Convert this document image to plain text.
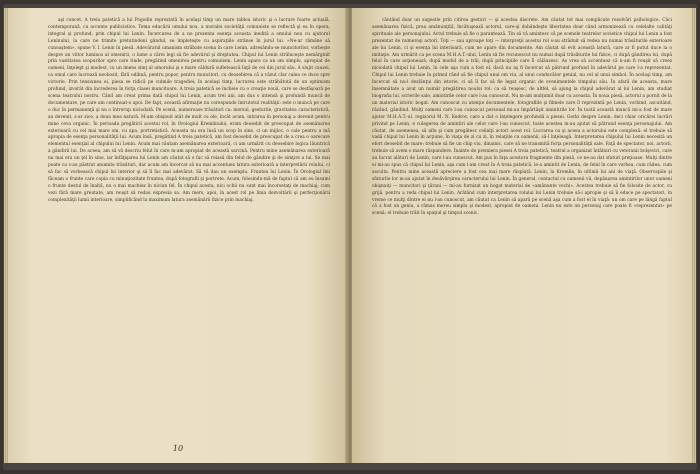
aşi concet. A treia pateticǎ a lui Pogodin reprezintǎ în acelaşi timp un mare tablou istoric şi o lucrare foarte actualǎ, contemporanǎ, cu accente publicistice. Tema educării omului nou, a moralei societăţii comuniste se reflectǎ şi ea în opera, integral şi profund, prin chipul lui Lenin. Încercarea de a ne prezenta esenţa aceasta inedită a omului nou cu ajutorul Leninului, la care ne trimite pretutindeni gândul, se împleteşte cu aspiraţiile strânse în jurul lui. «Ne-ar rămâne să cunoaştem», spune V. I. Lenin în piesă. Adevăratul umanism străbate scena în care Lenin, adresându-se muncitorilor, vorbeşte despre un viitor luminos al omenirii, o lume a cărei legi să fie adevărul şi dreptatea. Chipul lui Lenin străluceşte nemărginit prin vastitatea scopurilor spre care tinde, pregătind omenirea pentru comunism. Lenin apare ca un om simplu, apropiat de oameni, înţelept şi modest, cu un imens simţ al umorului şi o mare căldură sufletească faţă de cei din jurul său. A slujit cauzei, ca omul care lucrează neobosit, fără odihnă, pentru popor, pentru muncitori, cu deosebirea că a văzut clar calea ce duce spre victorie. Prin tensiunea ei, piesa se ridică pe culmile tragediei; în acelaşi timp, lucrarea este străbătută de un optimism profund, izvorât din încrederea în forţa clasei muncitoare. A treia pateticǎ se încheie cu o creaţie nouă, care se desfăşoară pe scena teatrului nostru. Când am creat prima dată chipul lui Lenin, acum trei ani, am dus o intensă şi profundă muncă de documentare, pe care am continuat-o apoi. De fapt, această afirmaţie nu corespunde întrutotul realităţii: este o muncă pe care o duc în permanenţă şi nu o întrerup niciodată. Pe scenă, numeroase trăsături ca: mersul, gesturile, gravitatea caracteristică, au devenit, s-ar zice, a doua mea natură. M-am obişnuit atât de mult cu ele, încât acum, intrarea în personaj a devenit pentru mine ceva organic. În perioada pregătirii acestui rol, în Orologiul Kremlinului, eram deosebit de preocupat de asemănarea exterioară cu cel mai mare om, cu apa, portretistică. Aceasta nu era însă un scop în sine, ci un mijloc, o cale pentru a mă apropia de esenţa personalităţii lui. Acum însă, pregătind A treia pateticǎ, am fost deosebit de preocupat de a crea o oarecare elementul esenţial al chipului lui Lenin. Acum mai căutam asemănarea exterioară, ci am urmărit cu deosebire logica lăuntrică a gândirii lui. De aceea, am să vă descriu felul în care m-am apropiat de această sarcină. Pentru mine asemănarea exterioară nu mai era un ţel în sine, iar înfăţişarea lui Lenin am căutat să o fac să reiasă din felul de gândire şi de simţire a lui. Se mai poate ca s-au păstrat anumite trăsături, dar acum am încercat să nu mai accentuez latura exterioară a interpretării rolului, ci să fac să vorbească chipul lui interior şi să îl fac mai adevărat. Să vă dau un exemplu. Fruntea lui Lenin. În Orologiul îmi fǎceam o frunte care copia cu minuţiozitate fruntea, după fotografii şi portrete. Acum, folosindu-mă de faptul că am eu însumi o frunte destul de înaltă, nu o mai machiez în niciun fel. În chipul acesta, nici ochii nu sunt mai încorsetaţi de machiaj; cum vezi fără mare greutate, am reuşit să redau expresia sa. Am mers, apoi, în acest rol pe linia dezvoltării şi perfecţionării complexităţii lumii interioare, simplificând la maximum latura asemănării fizice prin machiaj.

10

cântând doar un sugestie prin citirea gesturi — şi acestea discrete. Am căutat tot mai complicate rezolvări psihologice. Căci asemănarea fizică, prea amănunţită, încătuşează actorul, care-şi dobândeşte libertatea doar când armonizează cu celelalte calităţi spirituale ale personajului. Actul trebuie să fie o parantează. Tin să vă amintesc că pe scenele teatrelor sovietice chipul lui Lenin a fost prezentat de numeroşi actori. Toţi — sau aproape toţi — interpreţii acestui rol s-au străduit să redea nu numai trăsăturile exterioare ale lui Lenin, ci şi esenţa lui interioară, cum ne apare din documente. Am căutat să evit această latură, care ar fi putut duce la o imitaţie. Am urmărit ca pe scena M.H.A.T.-ului, Lenin să fie recunoscut nu numai după trăsăturile lui fizice, ci după gândirea lui, după felul în care acţionează, după modul de a trăi, după principiile care îl călăuzesc. As vrea să accentuez că n-am fi reuşit să creez niciodată chipul lui Lenin, în cele aşa cum a fost el, dacă nu aş fi încercat să pătrund profund în adevărul pe care l-a reprezentat. Chipul lui Lenin trebuie în primul rând să fie chipul unui om viu, al unui conducător genial, nu cel al unui simbol. În acelaşi timp, am încercat să nu-l dezlănţui din istorie, ci să îl fac să fie legat organic de evenimentele timpului său. În afară de aceasta, mare însemnătate a avut un număr pregătirea noului rol: ca să reuşesc, de altfel, să ajung la chipul adevărat al lui Lenin, am studiat biografia lui, scrierile sale, amintirile celor care l-au cunoscut. Nu m-am mulţumit doar cu aceasta. În noua piesă, actorul a pornit de la un material istoric bogat. Am cunoscut cu atenţie documentele, fotografiile şi filmele care îl reprezintă pe Lenin, vorbind, ascultând, râzând, gândind. Mulţi oameni care l-au cunoscut personal mi-au împărtăşit amintirile lor. În toată această muncă mi-a fost de mare ajutor M.H.A.T.-ul, regizorul M. N. Kedrov, care a dat o înţelegere profundă a piesei. Gorki despre Lenin, deci chiar oricărei lucrări privind pe Lenin, e culegerea de amintiri ale celor care l-au cunoscut, toate acestea m-au ajutat să pătrund esenţa personajului. Am căutat, de asemenea, să aflu şi cum pregătesc ceilalţi actori acest rol. Lucrarea ca şi aceea a actorului este complexă: el trebuie să vadă chipul lui Lenin în acţiune, în viaţa de zi cu zi, în relaţiile cu oamenii, să-l înţeleagă. Interpretarea chipului lui Lenin necesită un efort deosebit de mare: trebuie să fie un chip viu, dinamic, care să ne transmită forţa personalităţii sale. Faţă de spectator, noi, actorii, trebuie să avem o mare răspundere. Înainte de premiera piesei A treia pateticǎ, teatrul a organizat întâlniri cu veteranii bolşevici, care au lucrat alături de Lenin, care l-au cunoscut. Am pus în faţa acestora fragmente din piesă, ce ne-au dat sfaturi preţioase. Mulţi dintre ei mi-au spus că chipul lui Lenin, aşa cum l-am creat în A treia pateticǎ, le-a amintit de Lenin, de felul în care vorbea, cum râdea, cum asculta. Pentru mine această apreciere a fost cea mai mare răsplată. Lenin, la Kremlin, în ultimii lui ani de viaţă. Observaţiile şi sfaturile lor m-au ajutat în desăvârşirea caracterului lui Lenin. În general, contactul cu oamenii vii, depănarea amintirilor unor oameni obişnuiţi — muncitori şi ţărani — mi-au furnizat un bogat material de «amănunte vechi». Acestea trebuie să fie folosite de actor, cu grijă, pentru a reda chipul lui Lenin. Arătând cum interpretarea rolului lui Lenin trebuie să-i apropie şi să îi educe pe spectatori, în vreme ce mulţi dintre ei nu l-au cunoscut, am căutat ca Lenin să apară pe scenă aşa cum a fost el în viaţă: un om care pe lângă faptul că a fost un geniu, a rămas mereu simplu şi modest, apropiat de oameni. Lenin nu este un personaj care poate fi «reprezentat» pe scenă; el trebuie trăit în spaţiul şi timpul scenic.
